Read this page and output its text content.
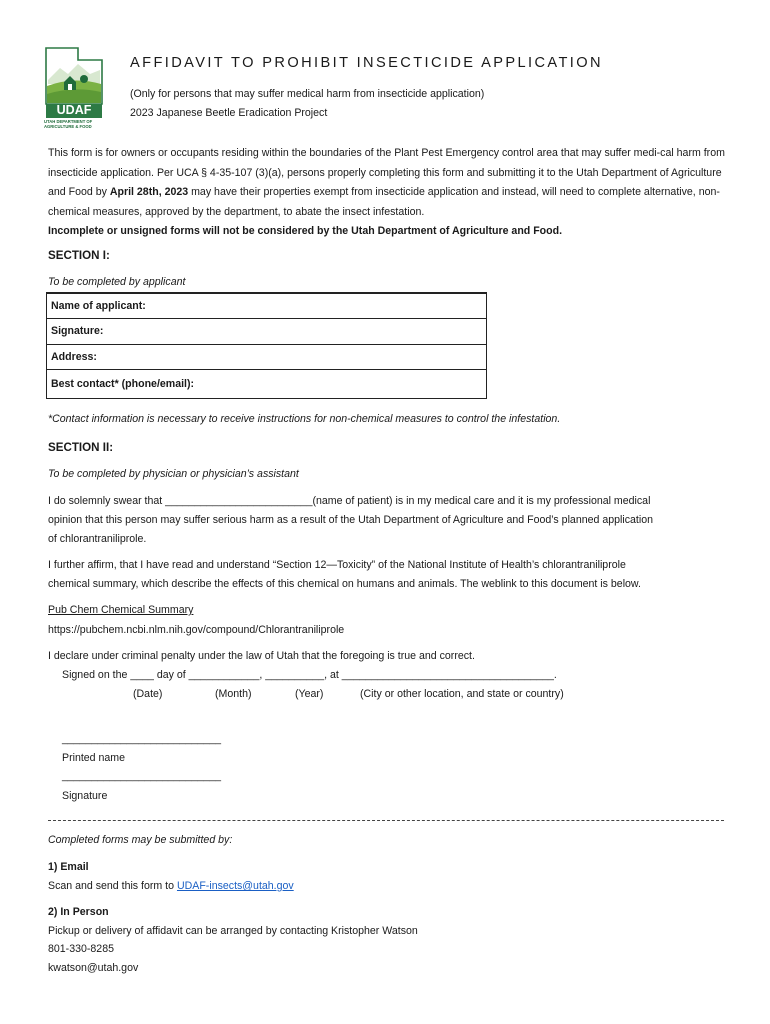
UDAF
UTAH DEPARTMENT OF
AGRICULTURE & FOOD
AFFIDAVIT TO PROHIBIT INSECTICIDE APPLICATION
(Only for persons that may suffer medical harm from insecticide application)
2023 Japanese Beetle Eradication Project
This form is for owners or occupants residing within the boundaries of the Plant Pest Emergency control area that may suffer medi-cal harm from insecticide application. Per UCA § 4-35-107 (3)(a), persons properly completing this form and submitting it to the Utah Department of Agriculture and Food by April 28th, 2023 may have their properties exempt from insecticide application and instead, will need to complete alternative, non-chemical measures, approved by the department, to abate the insect infestation.
Incomplete or unsigned forms will not be considered by the Utah Department of Agriculture and Food.
SECTION I:
To be completed by applicant
Name of applicant:
Signature:
Address:
Best contact* (phone/email):
*Contact information is necessary to receive instructions for non-chemical measures to control the infestation.
SECTION II:
To be completed by physician or physician’s assistant
I do solemnly swear that _________________________(name of patient) is in my medical care and it is my professional medical
opinion that this person may suffer serious harm as a result of the Utah Department of Agriculture and Food’s planned application
of chlorantraniliprole.
I further affirm, that I have read and understand “Section 12—Toxicity” of the National Institute of Health’s chlorantraniliprole
chemical summary, which describe the effects of this chemical on humans and animals. The weblink to this document is below.
Pub Chem Chemical Summary
https://pubchem.ncbi.nlm.nih.gov/compound/Chlorantraniliprole
I declare under criminal penalty under the law of Utah that the foregoing is true and correct.
Signed on the ____ day of ____________, __________, at ____________________________________.
(Date)	(Month)	(Year)	(City or other location, and state or country)
___________________________
Printed name
___________________________
Signature
Completed forms may be submitted by:
1) Email
Scan and send this form to UDAF-insects@utah.gov
2) In Person
Pickup or delivery of affidavit can be arranged by contacting Kristopher Watson
801-330-8285
kwatson@utah.gov
